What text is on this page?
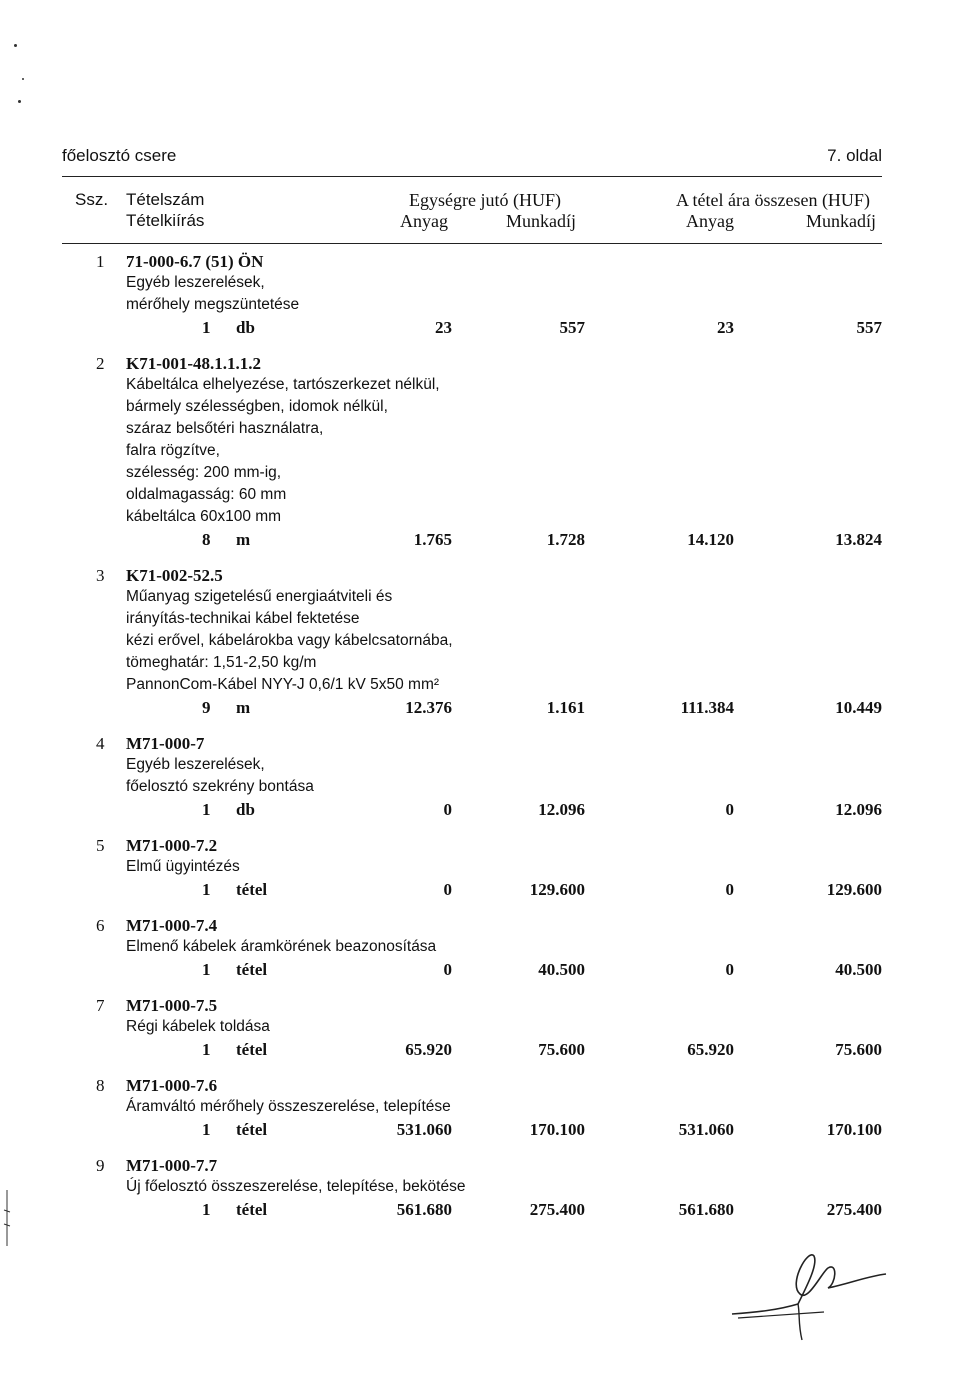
főelosztó csere	7. oldal
Ssz. Tételszám	Egységre jutó (HUF)	A tétel ára összesen (HUF)
Tételkiírás	Anyag	Munkadíj	Anyag	Munkadíj
1 71-000-6.7 (51) ÖN
Egyéb leszerelések,
mérőhely megszüntetése
1 db	23	557	23	557
2 K71-001-48.1.1.1.2
Kábeltálca elhelyezése, tartószerkezet nélkül,
bármely szélességben, idomok nélkül,
száraz belsőtéri használatra,
falra rögzítve,
szélesség: 200 mm-ig,
oldalmagasság: 60 mm
kábeltálca 60x100 mm
8 m	1.765	1.728	14.120	13.824
3 K71-002-52.5
Műanyag szigetelésű energiaátviteli és
irányítás-technikai kábel fektetése
kézi erővel, kábelárokba vagy kábelcsatornába,
tömeghatár: 1,51-2,50 kg/m
PannonCom-Kábel NYY-J 0,6/1 kV 5x50 mm²
9 m	12.376	1.161	111.384	10.449
4 M71-000-7
Egyéb leszerelések,
főelosztó szekrény bontása
1 db	0	12.096	0	12.096
5 M71-000-7.2
Elmű ügyintézés
1 tétel	0	129.600	0	129.600
6 M71-000-7.4
Elmenő kábelek áramkörének beazonosítása
1 tétel	0	40.500	0	40.500
7 M71-000-7.5
Régi kábelek toldása
1 tétel	65.920	75.600	65.920	75.600
8 M71-000-7.6
Áramváltó mérőhely összeszerelése, telepítése
1 tétel	531.060	170.100	531.060	170.100
9 M71-000-7.7
Új főelosztó összeszerelése, telepítése, bekötése
1 tétel	561.680	275.400	561.680	275.400
